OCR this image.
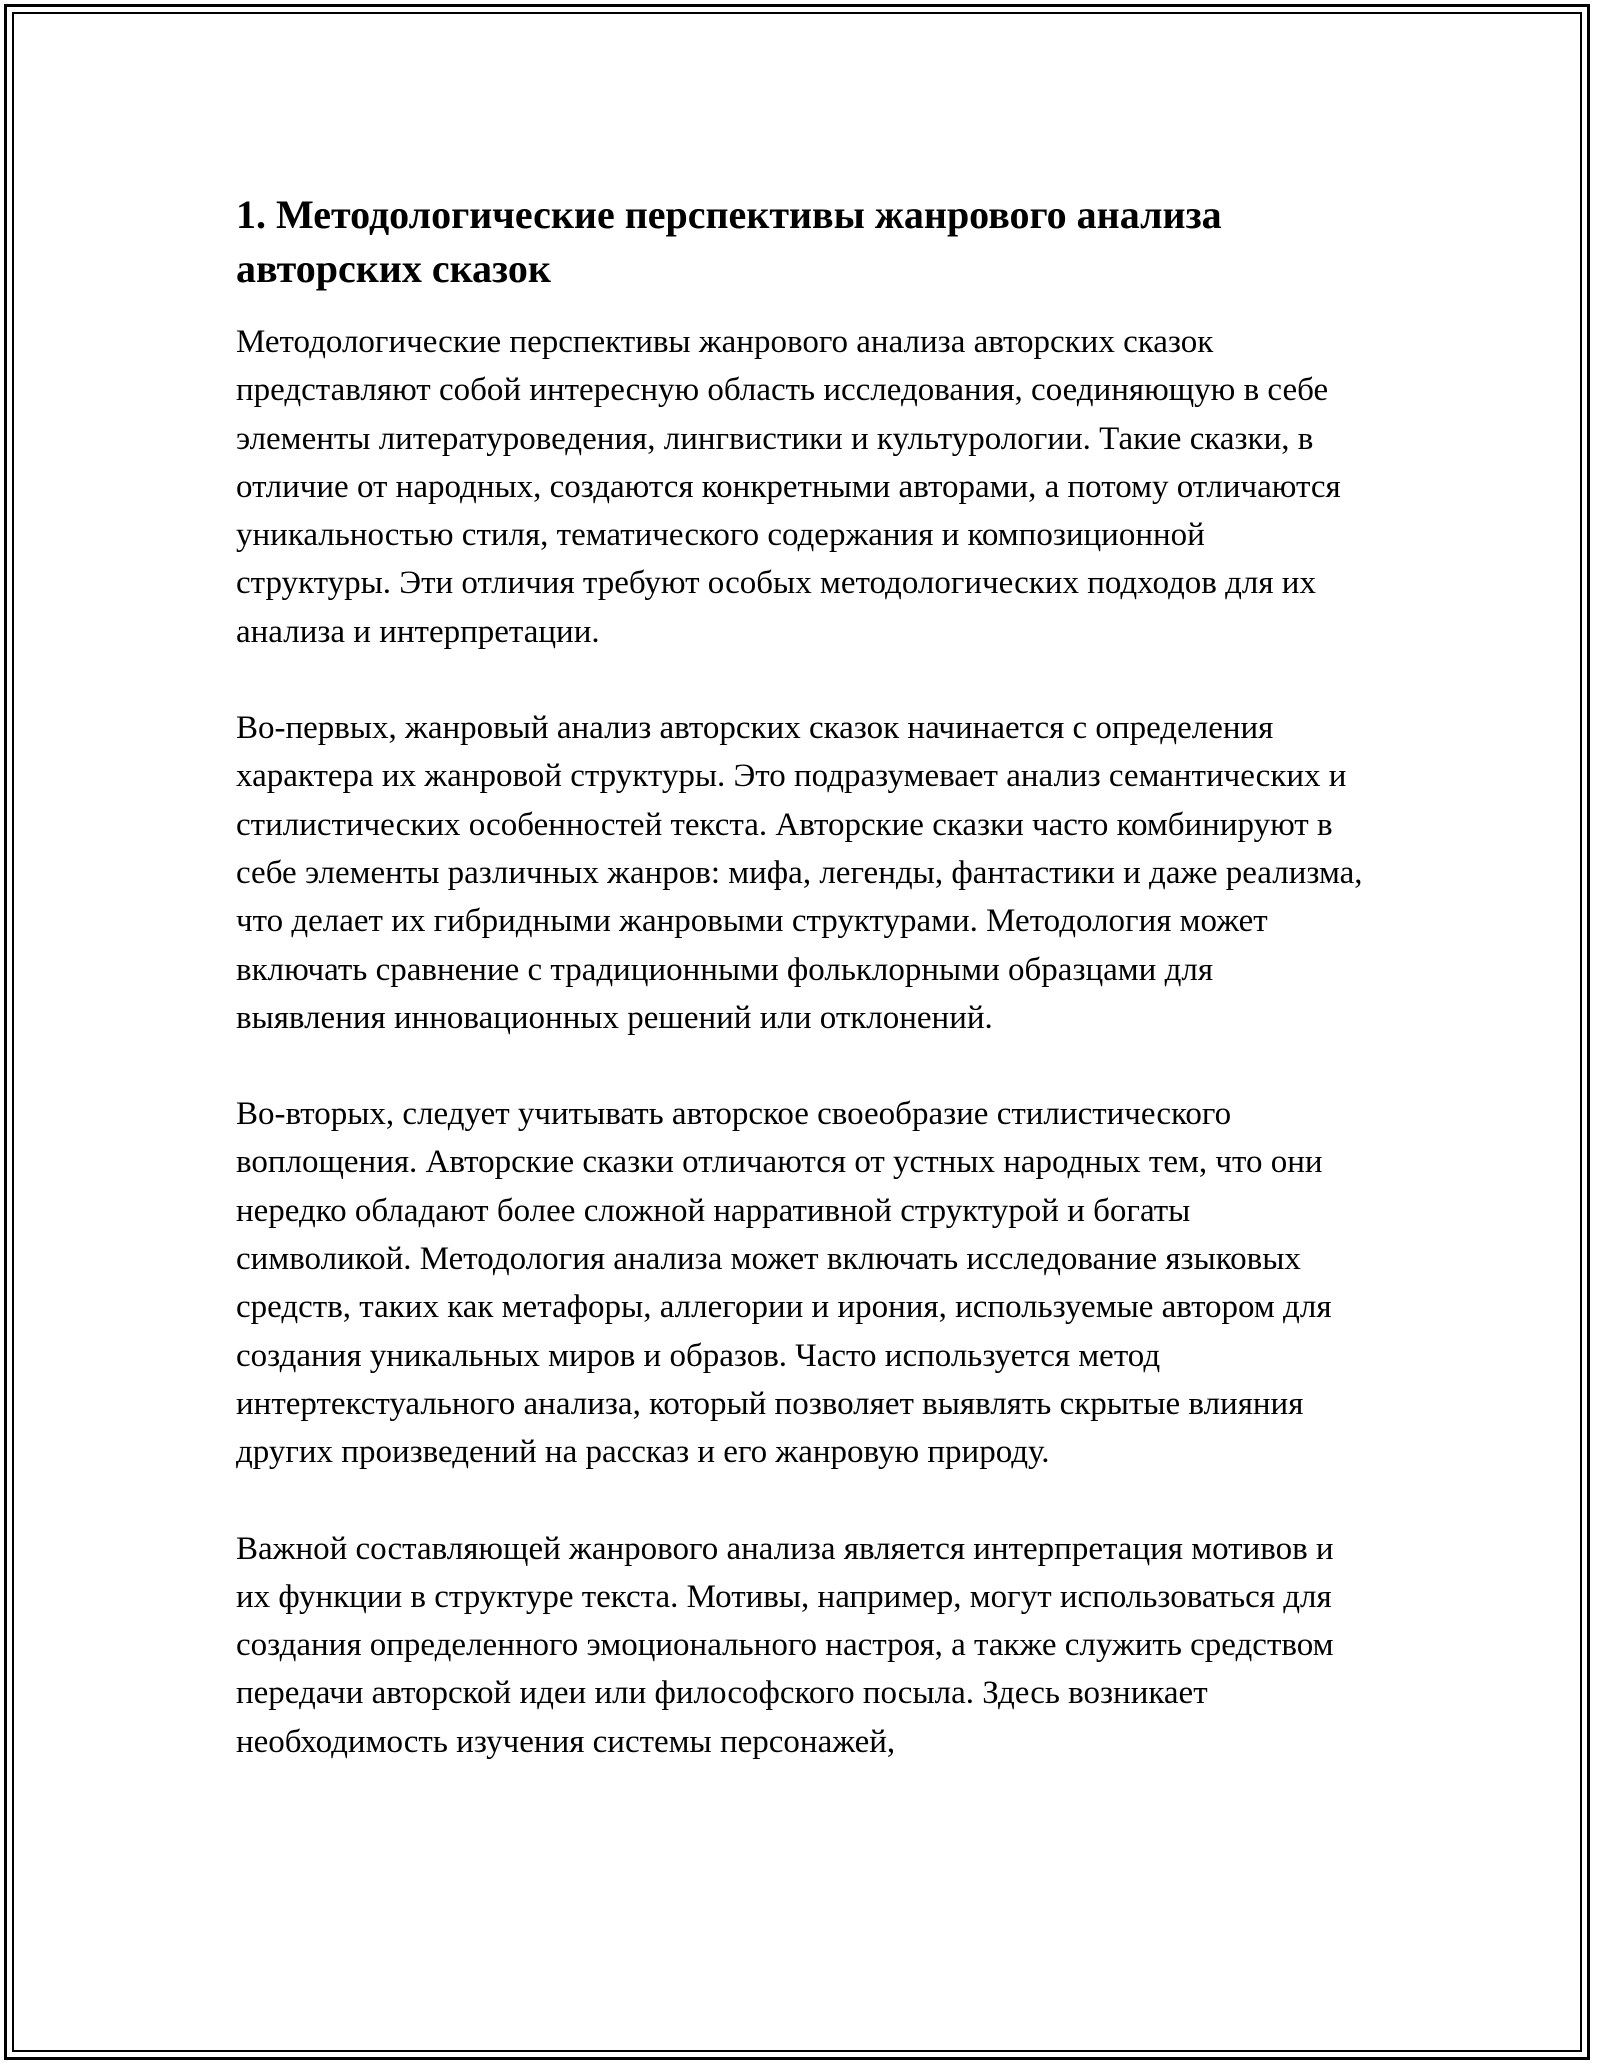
1. Методологические перспективы жанрового анализа
авторских сказок

Методологические перспективы жанрового анализа авторских сказок представляют собой интересную область исследования, соединяющую в себе элементы литературоведения, лингвистики и культурологии. Такие сказки, в отличие от народных, создаются конкретными авторами, а потому отличаются уникальностью стиля, тематического содержания и композиционной структуры. Эти отличия требуют особых методологических подходов для их анализа и интерпретации.

Во-первых, жанровый анализ авторских сказок начинается с определения характера их жанровой структуры. Это подразумевает анализ семантических и стилистических особенностей текста. Авторские сказки часто комбинируют в себе элементы различных жанров: мифа, легенды, фантастики и даже реализма, что делает их гибридными жанровыми структурами. Методология может включать сравнение с традиционными фольклорными образцами для выявления инновационных решений или отклонений.

Во-вторых, следует учитывать авторское своеобразие стилистического воплощения. Авторские сказки отличаются от устных народных тем, что они нередко обладают более сложной нарративной структурой и богаты символикой. Методология анализа может включать исследование языковых средств, таких как метафоры, аллегории и ирония, используемые автором для создания уникальных миров и образов. Часто используется метод интертекстуального анализа, который позволяет выявлять скрытые влияния других произведений на рассказ и его жанровую природу.

Важной составляющей жанрового анализа является интерпретация мотивов и их функции в структуре текста. Мотивы, например, могут использоваться для создания определенного эмоционального настроя, а также служить средством передачи авторской идеи или философского посыла. Здесь возникает необходимость изучения системы персонажей,
